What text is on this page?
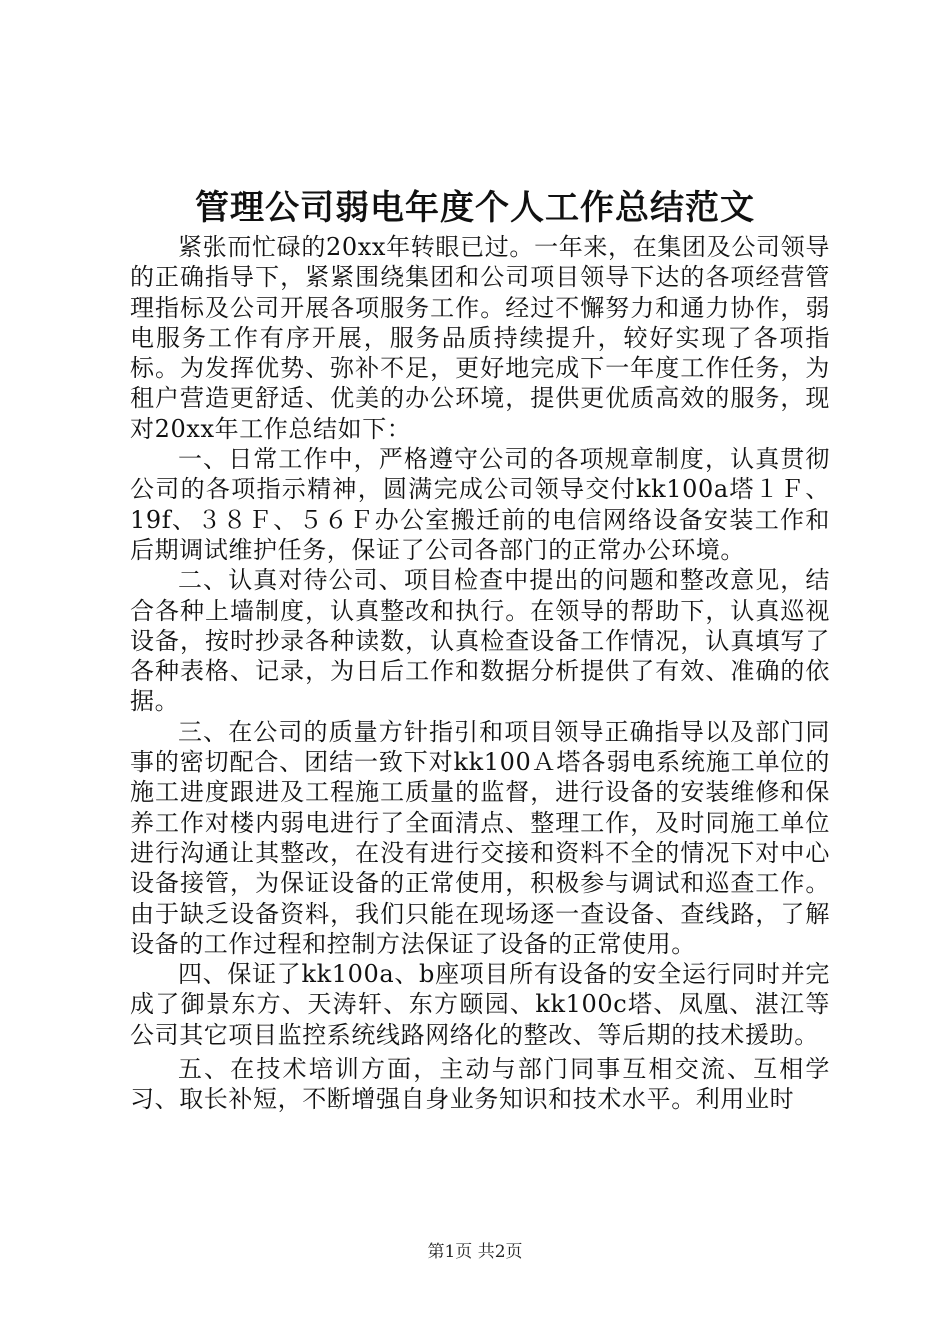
管理公司弱电年度个人工作总结范文

紧张而忙碌的20xx年转眼已过。一年来，在集团及公司领导的正确指导下，紧紧围绕集团和公司项目领导下达的各项经营管理指标及公司开展各项服务工作。经过不懈努力和通力协作，弱电服务工作有序开展，服务品质持续提升，较好实现了各项指标。为发挥优势、弥补不足，更好地完成下一年度工作任务，为租户营造更舒适、优美的办公环境，提供更优质高效的服务，现对20xx年工作总结如下：

一、日常工作中，严格遵守公司的各项规章制度，认真贯彻公司的各项指示精神，圆满完成公司领导交付kk100a塔１Ｆ、19f、３８Ｆ、５６Ｆ办公室搬迁前的电信网络设备安装工作和后期调试维护任务，保证了公司各部门的正常办公环境。

二、认真对待公司、项目检查中提出的问题和整改意见，结合各种上墙制度，认真整改和执行。在领导的帮助下，认真巡视设备，按时抄录各种读数，认真检查设备工作情况，认真填写了各种表格、记录，为日后工作和数据分析提供了有效、准确的依据。

三、在公司的质量方针指引和项目领导正确指导以及部门同事的密切配合、团结一致下对kk100Ａ塔各弱电系统施工单位的施工进度跟进及工程施工质量的监督，进行设备的安装维修和保养工作对楼内弱电进行了全面清点、整理工作，及时同施工单位进行沟通让其整改，在没有进行交接和资料不全的情况下对中心设备接管，为保证设备的正常使用，积极参与调试和巡查工作。由于缺乏设备资料，我们只能在现场逐一查设备、查线路，了解设备的工作过程和控制方法保证了设备的正常使用。

四、保证了kk100a、b座项目所有设备的安全运行同时并完成了御景东方、天涛轩、东方颐园、kk100c塔、凤凰、湛江等公司其它项目监控系统线路网络化的整改、等后期的技术援助。

五、在技术培训方面，主动与部门同事互相交流、互相学习、取长补短，不断增强自身业务知识和技术水平。利用业时

第1页 共2页
